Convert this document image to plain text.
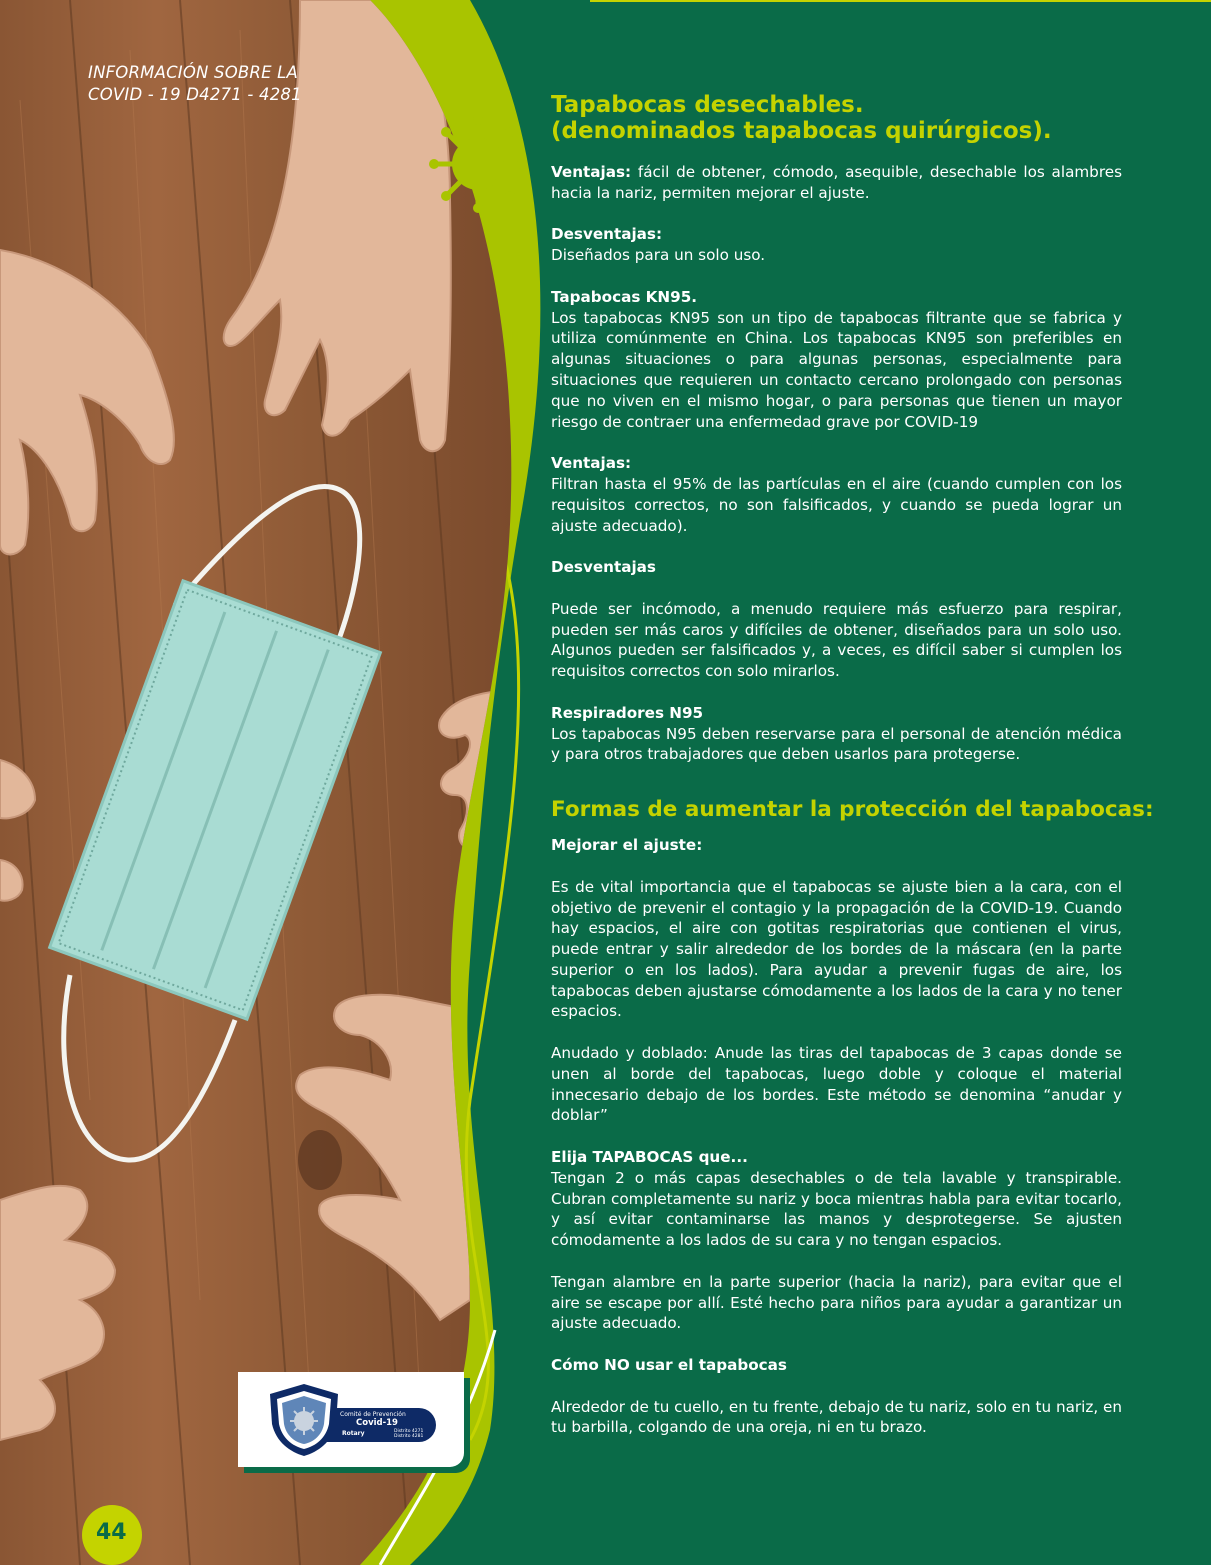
INFORMACIÓN SOBRE LA
COVID - 19 D4271 - 4281	Tapabocas desechables.
(denominados tapabocas quirúrgicos).
Ventajas: fácil de obtener, cómodo, asequible, desechable los alambres hacia la nariz, permiten mejorar el ajuste.
Desventajas:
Diseñados para un solo uso.
Tapabocas KN95.
Los tapabocas KN95 son un tipo de tapabocas filtrante que se fabrica y utiliza comúnmente en China. Los tapabocas KN95 son preferibles en algunas situaciones o para algunas personas, especialmente para situaciones que requieren un contacto cercano prolongado con personas que no viven en el mismo hogar, o para personas que tienen un mayor riesgo de contraer una enfermedad grave por COVID-19
Ventajas:
Filtran hasta el 95% de las partículas en el aire (cuando cumplen con los requisitos correctos, no son falsificados, y cuando se pueda lograr un ajuste adecuado).
Desventajas
Puede ser incómodo, a menudo requiere más esfuerzo para respirar, pueden ser más caros y difíciles de obtener, diseñados para un solo uso. Algunos pueden ser falsificados y, a veces, es difícil saber si cumplen los requisitos correctos con solo mirarlos.
Respiradores N95
Los tapabocas N95 deben reservarse para el personal de atención médica y para otros trabajadores que deben usarlos para protegerse.
Formas de aumentar la protección del tapabocas:
Mejorar el ajuste:
Es de vital importancia que el tapabocas se ajuste bien a la cara, con el objetivo de prevenir el contagio y la propagación de la COVID-19. Cuando hay espacios, el aire con gotitas respiratorias que contienen el virus, puede entrar y salir alrededor de los bordes de la máscara (en la parte superior o en los lados). Para ayudar a prevenir fugas de aire, los tapabocas deben ajustarse cómodamente a los lados de la cara y no tener espacios.
Anudado y doblado: Anude las tiras del tapabocas de 3 capas donde se unen al borde del tapabocas, luego doble y coloque el material innecesario debajo de los bordes. Este método se denomina “anudar y doblar”
Elija TAPABOCAS que...
Tengan 2 o más capas desechables o de tela lavable y transpirable. Cubran completamente su nariz y boca mientras habla para evitar tocarlo, y así evitar contaminarse las manos y desprotegerse. Se ajusten cómodamente a los lados de su cara y no tengan espacios.
Tengan alambre en la parte superior (hacia la nariz), para evitar que el aire se escape por allí. Esté hecho para niños para ayudar a garantizar un ajuste adecuado.
Cómo NO usar el tapabocas
Alrededor de tu cuello, en tu frente, debajo de tu nariz, solo en tu nariz, en tu barbilla, colgando de una oreja, ni en tu brazo.
Comité de Prevención
Covid-19
Rotary	Distrito 4271
Distrito 4281
44
